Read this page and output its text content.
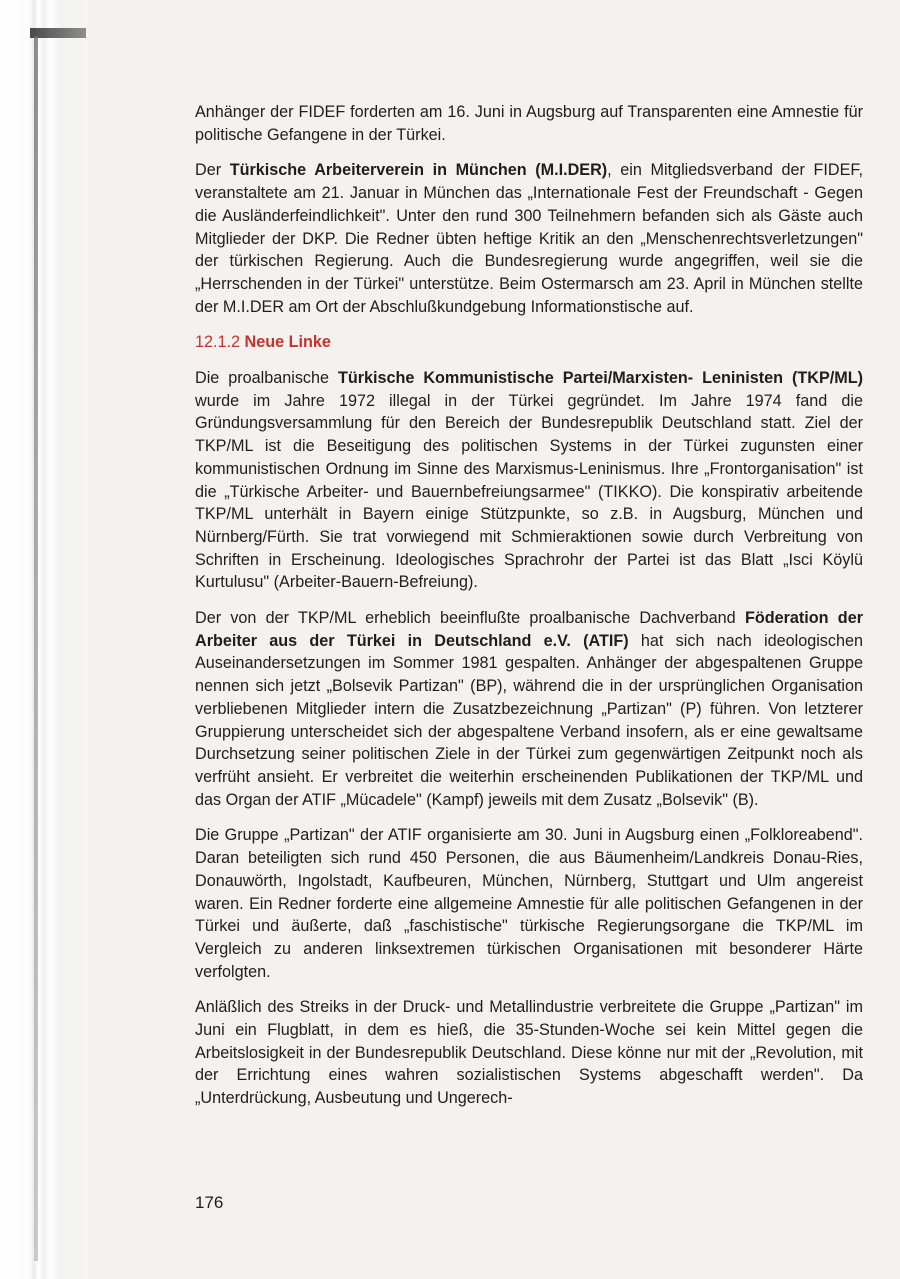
Anhänger der FIDEF forderten am 16. Juni in Augsburg auf Transparenten eine Amnestie für politische Gefangene in der Türkei.

Der Türkische Arbeiterverein in München (M.I.DER), ein Mitgliedsverband der FIDEF, veranstaltete am 21. Januar in München das „Internationale Fest der Freundschaft - Gegen die Ausländerfeindlichkeit". Unter den rund 300 Teilnehmern befanden sich als Gäste auch Mitglieder der DKP. Die Redner übten heftige Kritik an den „Menschenrechtsverletzungen" der türkischen Regierung. Auch die Bundesregierung wurde angegriffen, weil sie die „Herrschenden in der Türkei" unterstütze. Beim Ostermarsch am 23. April in München stellte der M.I.DER am Ort der Abschlußkundgebung Informationstische auf.

12.1.2 Neue Linke

Die proalbanische Türkische Kommunistische Partei/Marxisten- Leninisten (TKP/ML) wurde im Jahre 1972 illegal in der Türkei gegründet. Im Jahre 1974 fand die Gründungsversammlung für den Bereich der Bundesrepublik Deutschland statt. Ziel der TKP/ML ist die Beseitigung des politischen Systems in der Türkei zugunsten einer kommunistischen Ordnung im Sinne des Marxismus-Leninismus. Ihre „Frontorganisation" ist die „Türkische Arbeiter- und Bauernbefreiungsarmee" (TIKKO). Die konspirativ arbeitende TKP/ML unterhält in Bayern einige Stützpunkte, so z.B. in Augsburg, München und Nürnberg/Fürth. Sie trat vorwiegend mit Schmieraktionen sowie durch Verbreitung von Schriften in Erscheinung. Ideologisches Sprachrohr der Partei ist das Blatt „Isci Köylü Kurtulusu" (Arbeiter-Bauern-Befreiung).

Der von der TKP/ML erheblich beeinflußte proalbanische Dachverband Föderation der Arbeiter aus der Türkei in Deutschland e.V. (ATIF) hat sich nach ideologischen Auseinandersetzungen im Sommer 1981 gespalten. Anhänger der abgespaltenen Gruppe nennen sich jetzt „Bolsevik Partizan" (BP), während die in der ursprünglichen Organisation verbliebenen Mitglieder intern die Zusatzbezeichnung „Partizan" (P) führen. Von letzterer Gruppierung unterscheidet sich der abgespaltene Verband insofern, als er eine gewaltsame Durchsetzung seiner politischen Ziele in der Türkei zum gegenwärtigen Zeitpunkt noch als verfrüht ansieht. Er verbreitet die weiterhin erscheinenden Publikationen der TKP/ML und das Organ der ATIF „Mücadele" (Kampf) jeweils mit dem Zusatz „Bolsevik" (B).

Die Gruppe „Partizan" der ATIF organisierte am 30. Juni in Augsburg einen „Folkloreabend". Daran beteiligten sich rund 450 Personen, die aus Bäumenheim/Landkreis Donau-Ries, Donauwörth, Ingolstadt, Kaufbeuren, München, Nürnberg, Stuttgart und Ulm angereist waren. Ein Redner forderte eine allgemeine Amnestie für alle politischen Gefangenen in der Türkei und äußerte, daß „faschistische" türkische Regierungsorgane die TKP/ML im Vergleich zu anderen linksextremen türkischen Organisationen mit besonderer Härte verfolgten.

Anläßlich des Streiks in der Druck- und Metallindustrie verbreitete die Gruppe „Partizan" im Juni ein Flugblatt, in dem es hieß, die 35-Stunden-Woche sei kein Mittel gegen die Arbeitslosigkeit in der Bundesrepublik Deutschland. Diese könne nur mit der „Revolution, mit der Errichtung eines wahren sozialistischen Systems abgeschafft werden". Da „Unterdrückung, Ausbeutung und Ungerech-

176
